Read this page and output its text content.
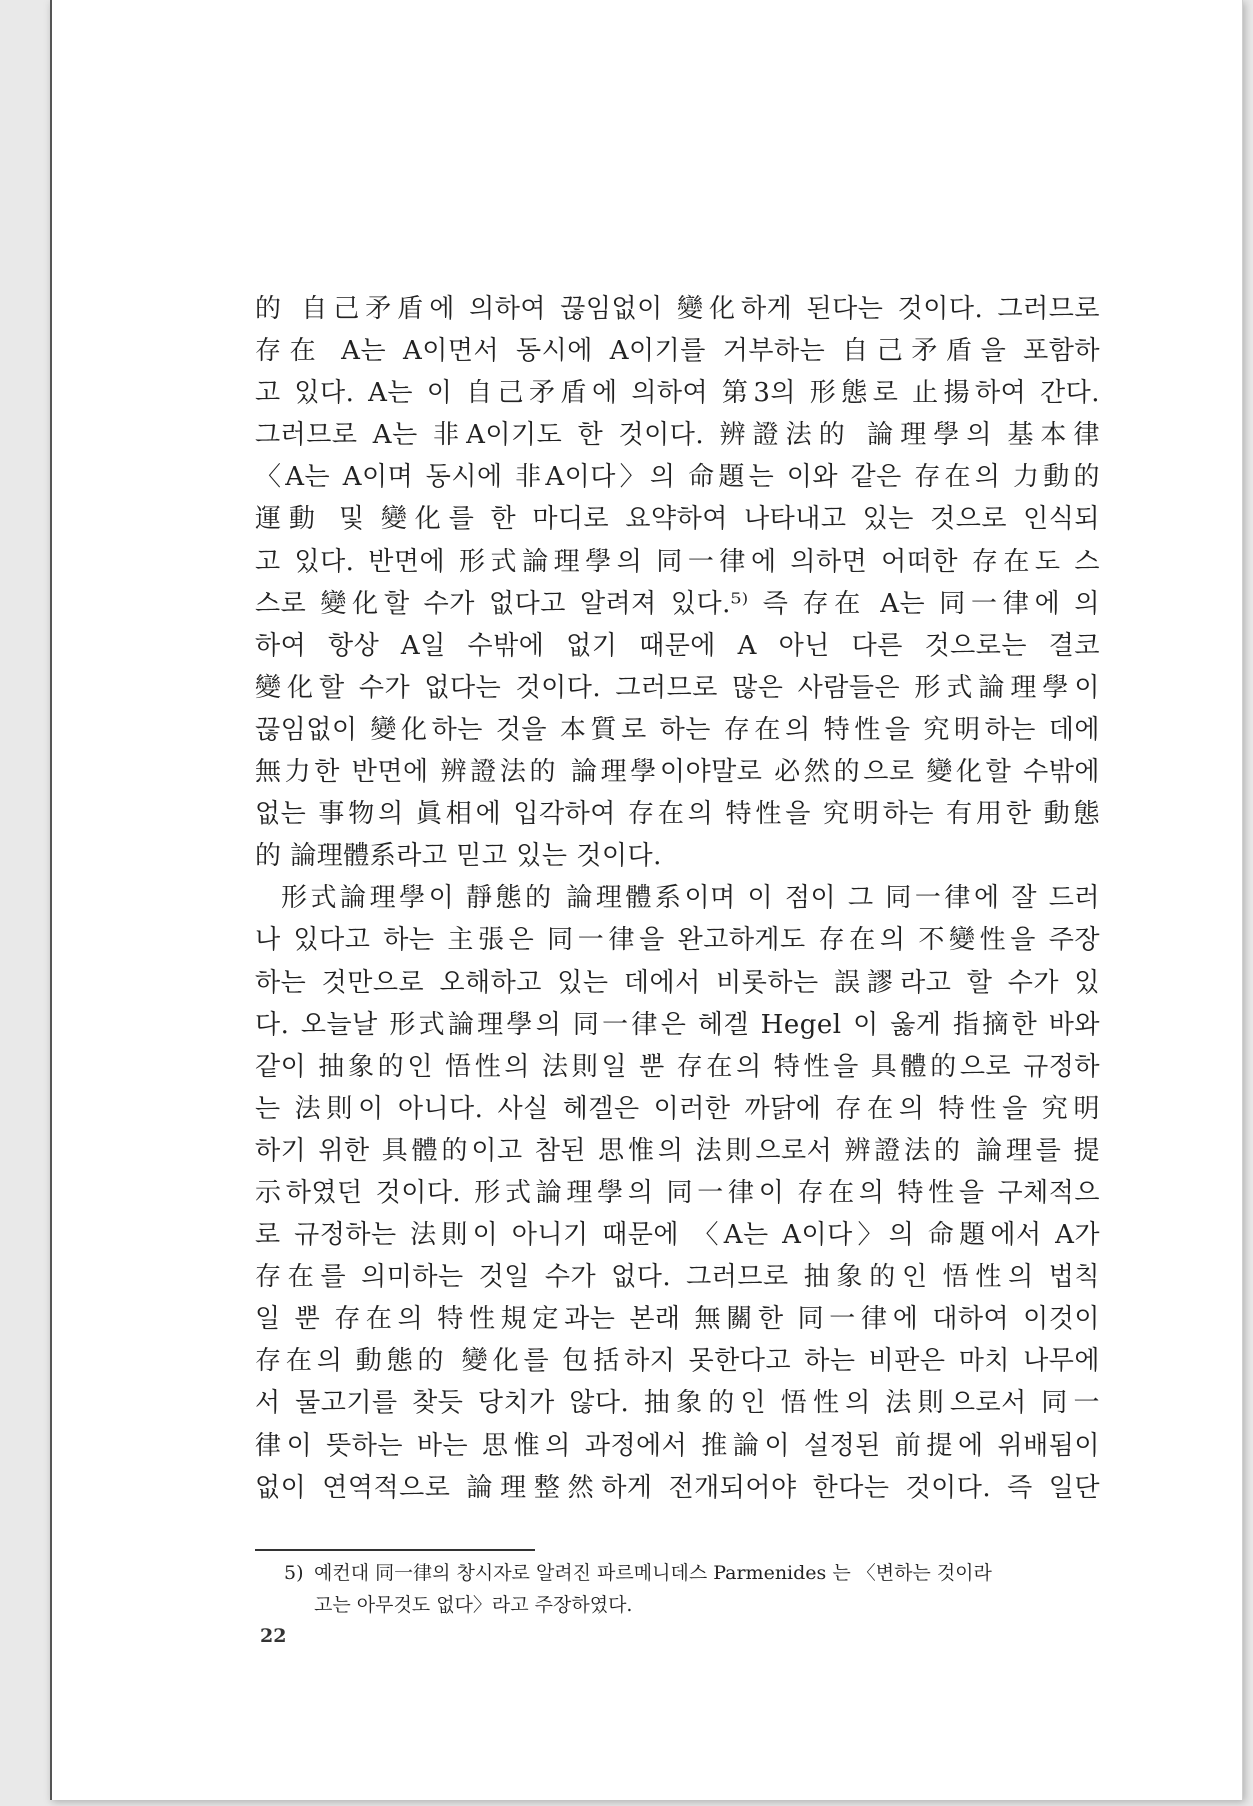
的 自己矛盾에 의하여 끊임없이 變化하게 된다는 것이다. 그러므로
存在 A는 A이면서 동시에 A이기를 거부하는 自己矛盾을 포함하
고 있다. A는 이 自己矛盾에 의하여 第3의 形態로 止揚하여 간다.
그러므로 A는 非A이기도 한 것이다. 辨證法的 論理學의 基本律
〈A는 A이며 동시에 非A이다〉의 命題는 이와 같은 存在의 力動的
運動 및 變化를 한 마디로 요약하여 나타내고 있는 것으로 인식되
고 있다. 반면에 形式論理學의 同一律에 의하면 어떠한 存在도 스
스로 變化할 수가 없다고 알려져 있다.⁵⁾ 즉 存在 A는 同一律에 의
하여 항상 A일 수밖에 없기 때문에 A 아닌 다른 것으로는 결코
變化할 수가 없다는 것이다. 그러므로 많은 사람들은 形式論理學이
끊임없이 變化하는 것을 本質로 하는 存在의 特性을 究明하는 데에
無力한 반면에 辨證法的 論理學이야말로 必然的으로 變化할 수밖에
없는 事物의 眞相에 입각하여 存在의 特性을 究明하는 有用한 動態
的 論理體系라고 믿고 있는 것이다.

形式論理學이 靜態的 論理體系이며 이 점이 그 同一律에 잘 드러
나 있다고 하는 主張은 同一律을 완고하게도 存在의 不變性을 주장
하는 것만으로 오해하고 있는 데에서 비롯하는 誤謬라고 할 수가 있
다. 오늘날 形式論理學의 同一律은 헤겔 Hegel 이 옳게 指摘한 바와
같이 抽象的인 悟性의 法則일 뿐 存在의 特性을 具體的으로 규정하
는 法則이 아니다. 사실 헤겔은 이러한 까닭에 存在의 特性을 究明
하기 위한 具體的이고 참된 思惟의 法則으로서 辨證法的 論理를 提
示하였던 것이다. 形式論理學의 同一律이 存在의 特性을 구체적으
로 규정하는 法則이 아니기 때문에 〈A는 A이다〉의 命題에서 A가
存在를 의미하는 것일 수가 없다. 그러므로 抽象的인 悟性의 법칙
일 뿐 存在의 特性規定과는 본래 無關한 同一律에 대하여 이것이
存在의 動態的 變化를 包括하지 못한다고 하는 비판은 마치 나무에
서 물고기를 찾듯 당치가 않다. 抽象的인 悟性의 法則으로서 同一
律이 뜻하는 바는 思惟의 과정에서 推論이 설정된 前提에 위배됨이
없이 연역적으로 論理整然하게 전개되어야 한다는 것이다. 즉 일단

5) 예컨대 同一律의 창시자로 알려진 파르메니데스 Parmenides 는 〈변하는 것이라
고는 아무것도 없다〉라고 주장하였다.
22
